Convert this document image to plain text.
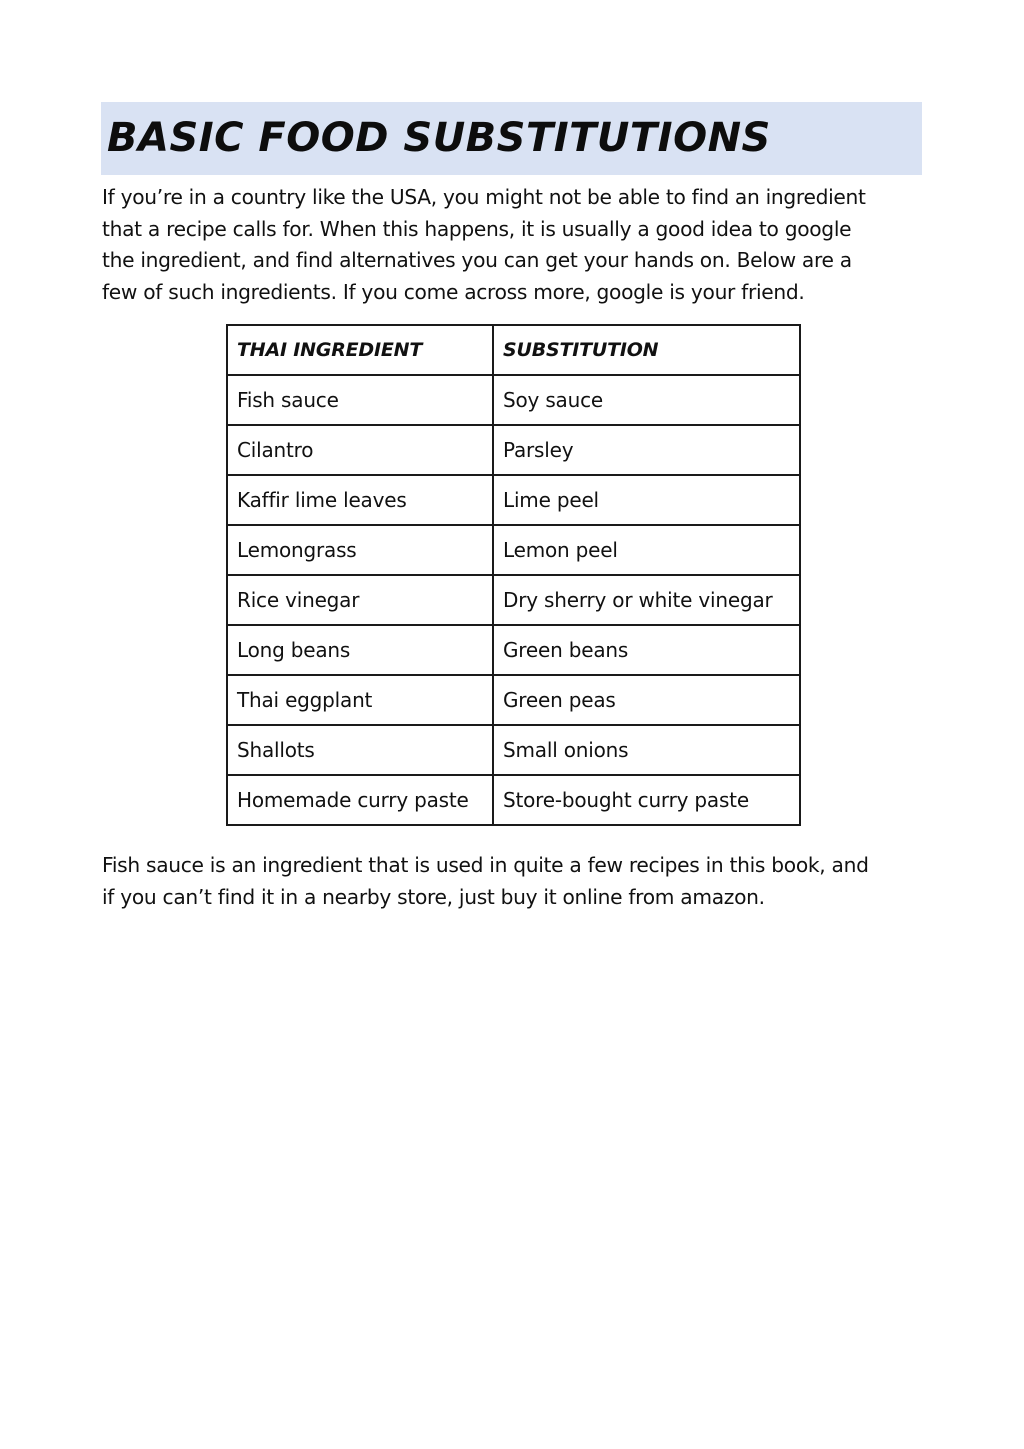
BASIC FOOD SUBSTITUTIONS

If you’re in a country like the USA, you might not be able to find an ingredient
that a recipe calls for. When this happens, it is usually a good idea to google
the ingredient, and find alternatives you can get your hands on. Below are a
few of such ingredients. If you come across more, google is your friend.

THAI INGREDIENT	SUBSTITUTION
Fish sauce	Soy sauce
Cilantro	Parsley
Kaffir lime leaves	Lime peel
Lemongrass	Lemon peel
Rice vinegar	Dry sherry or white vinegar
Long beans	Green beans
Thai eggplant	Green peas
Shallots	Small onions
Homemade curry paste	Store-bought curry paste

Fish sauce is an ingredient that is used in quite a few recipes in this book, and
if you can’t find it in a nearby store, just buy it online from amazon.
